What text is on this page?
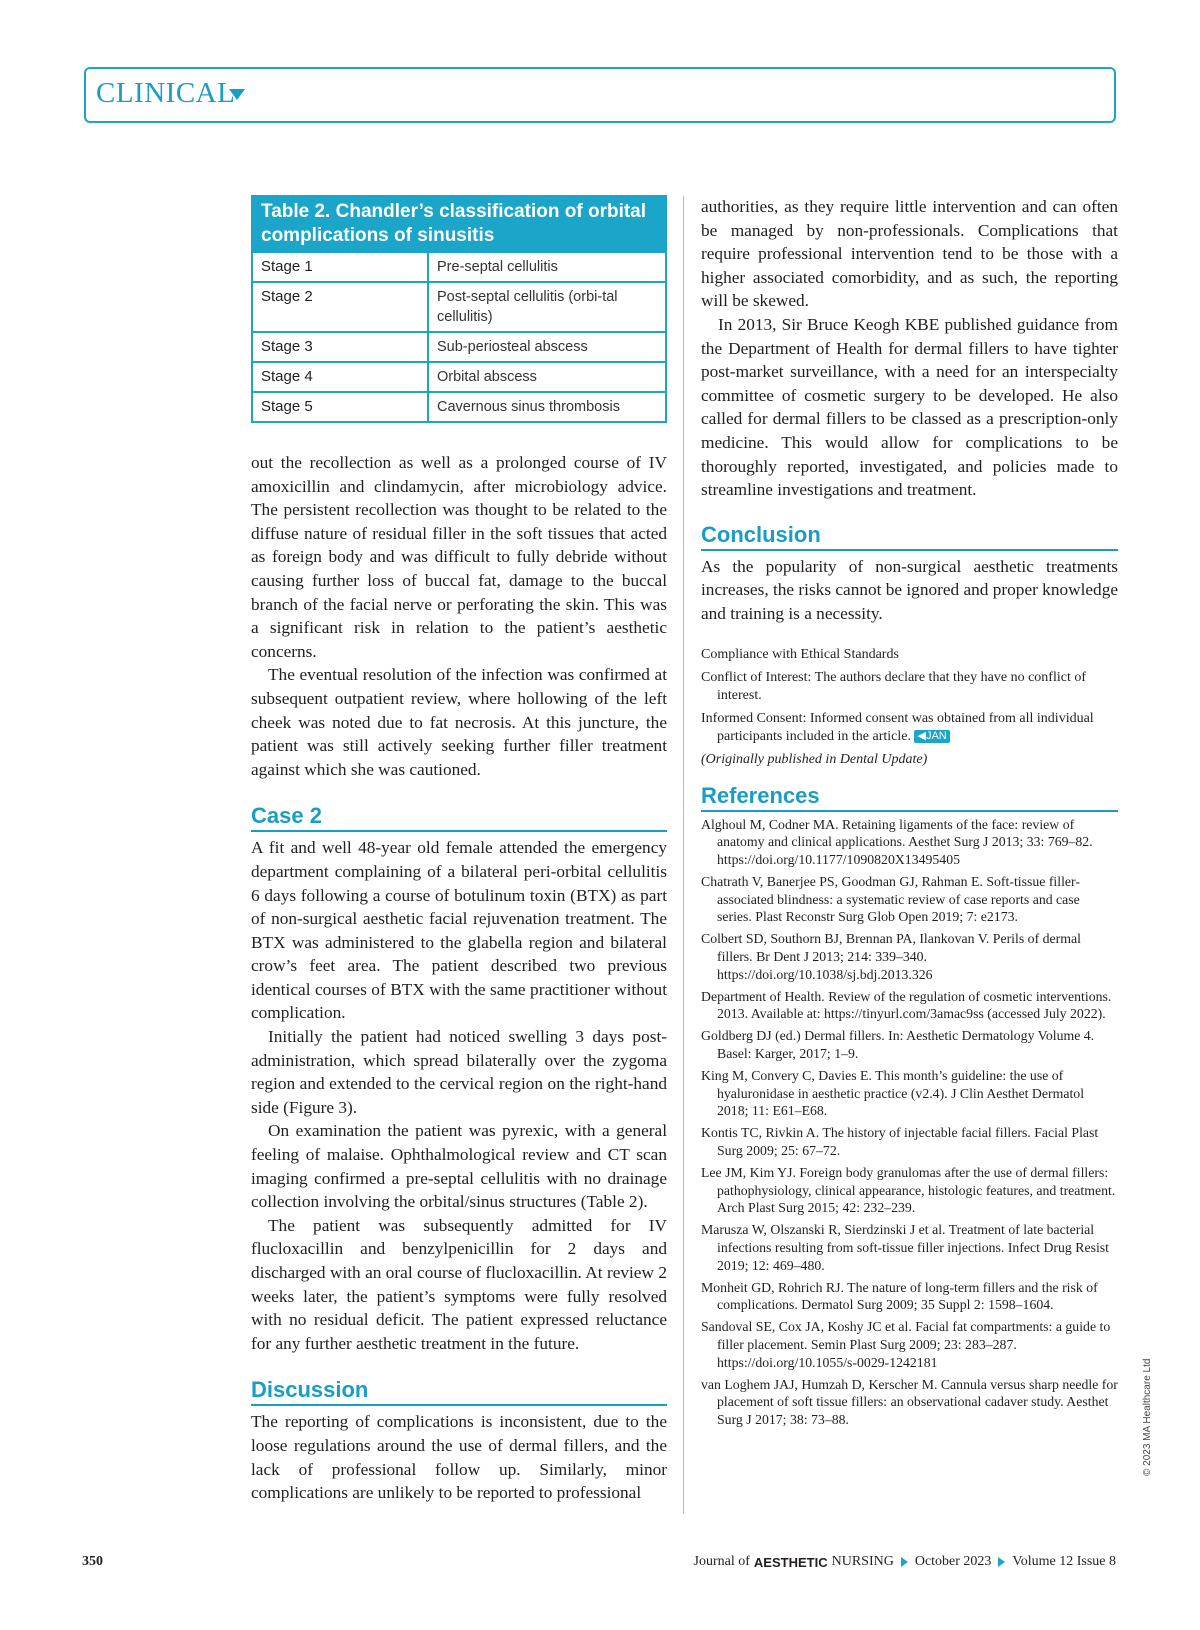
CLINICAL
Table 2. Chandler’s classification of orbital complications of sinusitis
Stage 1	Pre-septal cellulitis
Stage 2	Post-septal cellulitis (orbi-tal cellulitis)
Stage 3	Sub-periosteal abscess
Stage 4	Orbital abscess
Stage 5	Cavernous sinus thrombosis

out the recollection as well as a prolonged course of IV amoxicillin and clindamycin, after microbiology advice. The persistent recollection was thought to be related to the diffuse nature of residual filler in the soft tissues that acted as foreign body and was difficult to fully debride without causing further loss of buccal fat, damage to the buccal branch of the facial nerve or perforating the skin. This was a significant risk in relation to the patient’s aesthetic concerns.

The eventual resolution of the infection was confirmed at subsequent outpatient review, where hollowing of the left cheek was noted due to fat necrosis. At this juncture, the patient was still actively seeking further filler treatment against which she was cautioned.

Case 2

A fit and well 48-year old female attended the emergency department complaining of a bilateral peri-orbital cellulitis 6 days following a course of botulinum toxin (BTX) as part of non-surgical aesthetic facial rejuvenation treatment. The BTX was administered to the glabella region and bilateral crow’s feet area. The patient described two previous identical courses of BTX with the same practitioner without complication.

Initially the patient had noticed swelling 3 days post-administration, which spread bilaterally over the zygoma region and extended to the cervical region on the right-hand side (Figure 3).

On examination the patient was pyrexic, with a general feeling of malaise. Ophthalmological review and CT scan imaging confirmed a pre-septal cellulitis with no drainage collection involving the orbital/sinus structures (Table 2).

The patient was subsequently admitted for IV flucloxacillin and benzylpenicillin for 2 days and discharged with an oral course of flucloxacillin. At review 2 weeks later, the patient’s symptoms were fully resolved with no residual deficit. The patient expressed reluctance for any further aesthetic treatment in the future.

Discussion

The reporting of complications is inconsistent, due to the loose regulations around the use of dermal fillers, and the lack of professional follow up. Similarly, minor complications are unlikely to be reported to professional

authorities, as they require little intervention and can often be managed by non-professionals. Complications that require professional intervention tend to be those with a higher associated comorbidity, and as such, the reporting will be skewed.

In 2013, Sir Bruce Keogh KBE published guidance from the Department of Health for dermal fillers to have tighter post-market surveillance, with a need for an interspecialty committee of cosmetic surgery to be developed. He also called for dermal fillers to be classed as a prescription-only medicine. This would allow for complications to be thoroughly reported, investigated, and policies made to streamline investigations and treatment.

Conclusion

As the popularity of non-surgical aesthetic treatments increases, the risks cannot be ignored and proper knowledge and training is a necessity.

Compliance with Ethical Standards

Conflict of Interest: The authors declare that they have no conflict of interest.

Informed Consent: Informed consent was obtained from all individual participants included in the article. ◀JAN

(Originally published in Dental Update)

References

Alghoul M, Codner MA. Retaining ligaments of the face: review of anatomy and clinical applications. Aesthet Surg J 2013; 33: 769–82. https://doi.org/10.1177/1090820X13495405

Chatrath V, Banerjee PS, Goodman GJ, Rahman E. Soft-tissue filler-associated blindness: a systematic review of case reports and case series. Plast Reconstr Surg Glob Open 2019; 7: e2173.

Colbert SD, Southorn BJ, Brennan PA, Ilankovan V. Perils of dermal fillers. Br Dent J 2013; 214: 339–340. https://doi.org/10.1038/sj.bdj.2013.326

Department of Health. Review of the regulation of cosmetic interventions. 2013. Available at: https://tinyurl.com/3amac9ss (accessed July 2022).

Goldberg DJ (ed.) Dermal fillers. In: Aesthetic Dermatology Volume 4. Basel: Karger, 2017; 1–9.

King M, Convery C, Davies E. This month’s guideline: the use of hyaluronidase in aesthetic practice (v2.4). J Clin Aesthet Dermatol 2018; 11: E61–E68.

Kontis TC, Rivkin A. The history of injectable facial fillers. Facial Plast Surg 2009; 25: 67–72.

Lee JM, Kim YJ. Foreign body granulomas after the use of dermal fillers: pathophysiology, clinical appearance, histologic features, and treatment. Arch Plast Surg 2015; 42: 232–239.

Marusza W, Olszanski R, Sierdzinski J et al. Treatment of late bacterial infections resulting from soft-tissue filler injections. Infect Drug Resist 2019; 12: 469–480.

Monheit GD, Rohrich RJ. The nature of long-term fillers and the risk of complications. Dermatol Surg 2009; 35 Suppl 2: 1598–1604.

Sandoval SE, Cox JA, Koshy JC et al. Facial fat compartments: a guide to filler placement. Semin Plast Surg 2009; 23: 283–287. https://doi.org/10.1055/s-0029-1242181

van Loghem JAJ, Humzah D, Kerscher M. Cannula versus sharp needle for placement of soft tissue fillers: an observational cadaver study. Aesthet Surg J 2017; 38: 73–88.	© 2023 MA Healthcare Ltd
350	Journal of AESTHETIC NURSING October 2023 Volume 12 Issue 8
